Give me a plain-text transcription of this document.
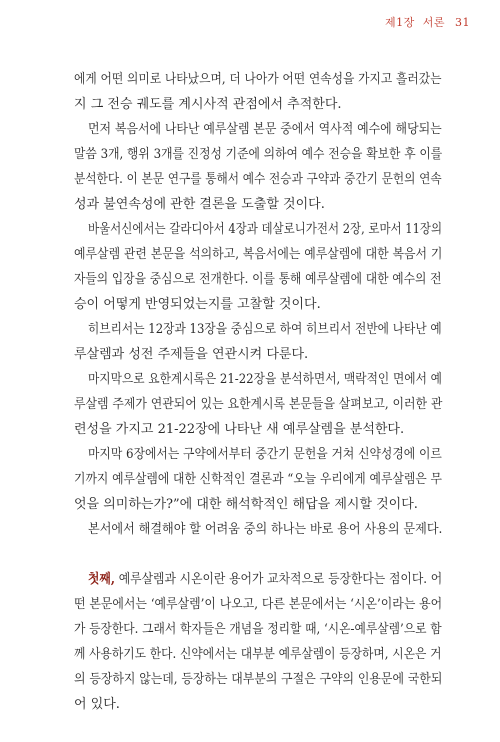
제1장 서론 31
에게 어떤 의미로 나타났으며, 더 나아가 어떤 연속성을 가지고 흘러갔는
지 그 전승 궤도를 계시사적 관점에서 추적한다.
먼저 복음서에 나타난 예루살렘 본문 중에서 역사적 예수에 해당되는
말씀 3개, 행위 3개를 진정성 기준에 의하여 예수 전승을 확보한 후 이를
분석한다. 이 본문 연구를 통해서 예수 전승과 구약과 중간기 문헌의 연속
성과 불연속성에 관한 결론을 도출할 것이다.
바울서신에서는 갈라디아서 4장과 데살로니가전서 2장, 로마서 11장의
예루살렘 관련 본문을 석의하고, 복음서에는 예루살렘에 대한 복음서 기
자들의 입장을 중심으로 전개한다. 이를 통해 예루살렘에 대한 예수의 전
승이 어떻게 반영되었는지를 고찰할 것이다.
히브리서는 12장과 13장을 중심으로 하여 히브리서 전반에 나타난 예
루살렘과 성전 주제들을 연관시켜 다룬다.
마지막으로 요한계시록은 21-22장을 분석하면서, 맥락적인 면에서 예
루살렘 주제가 연관되어 있는 요한계시록 본문들을 살펴보고, 이러한 관
련성을 가지고 21-22장에 나타난 새 예루살렘을 분석한다.
마지막 6장에서는 구약에서부터 중간기 문헌을 거쳐 신약성경에 이르
기까지 예루살렘에 대한 신학적인 결론과 “오늘 우리에게 예루살렘은 무
엇을 의미하는가?”에 대한 해석학적인 해답을 제시할 것이다.
본서에서 해결해야 할 어려움 중의 하나는 바로 용어 사용의 문제다.
첫째, 예루살렘과 시온이란 용어가 교차적으로 등장한다는 점이다. 어
떤 본문에서는 ‘예루살렘’이 나오고, 다른 본문에서는 ‘시온’이라는 용어
가 등장한다. 그래서 학자들은 개념을 정리할 때, ‘시온-예루살렘’으로 함
께 사용하기도 한다. 신약에서는 대부분 예루살렘이 등장하며, 시온은 거
의 등장하지 않는데, 등장하는 대부분의 구절은 구약의 인용문에 국한되
어 있다.
